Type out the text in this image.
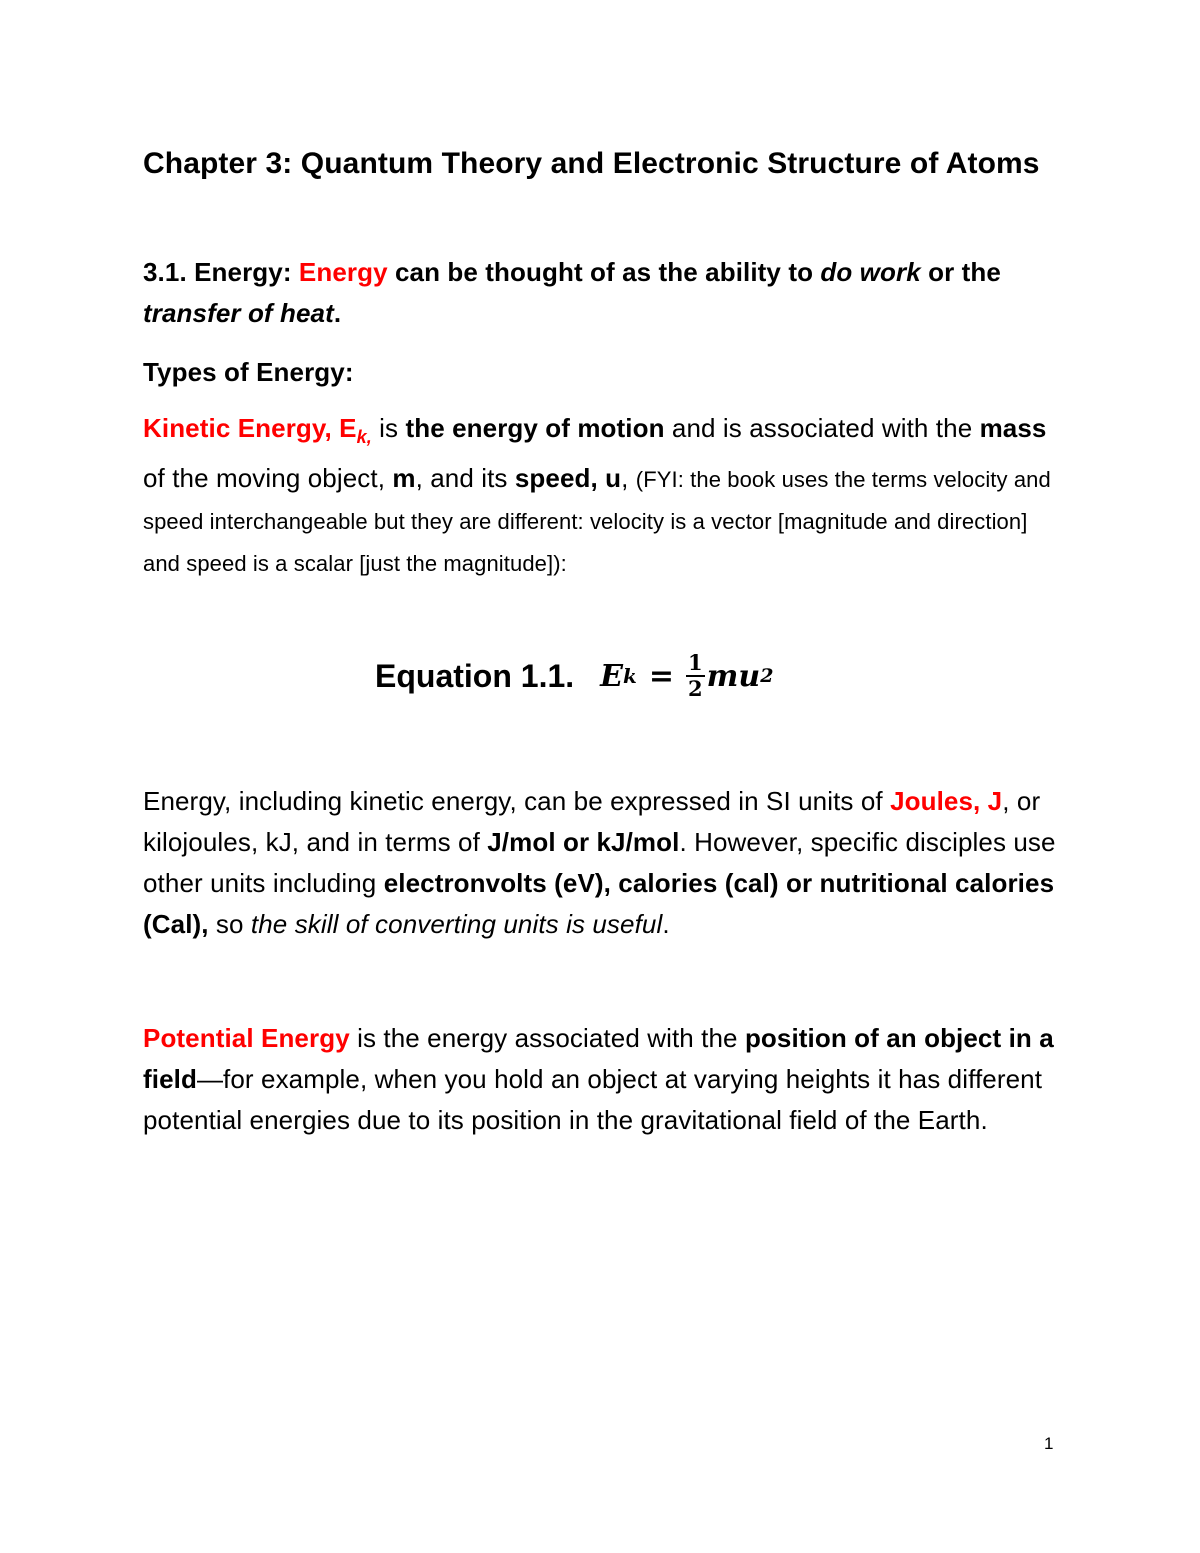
Chapter 3: Quantum Theory and Electronic Structure of Atoms
3.1. Energy: Energy can be thought of as the ability to do work or the
transfer of heat.
Types of Energy:
Kinetic Energy, $E_{k,}$ is the energy of motion and is associated with the mass of the moving object, m, and its speed, u, (FYI: the book uses the terms velocity and speed interchangeable but they are different: velocity is a vector [magnitude and direction] and speed is a scalar [just the magnitude]):
Equation 1.1. E $k = \frac{1}{2}$ mu 2
Energy, including kinetic energy, can be expressed in SI units of Joules, J, or kilojoules, kJ, and in terms of J/mol or kJ/mol. However, specific disciples use other units including electronvolts (eV), calories (cal) or nutritional calories (Cal), so the skill of converting units is useful.
Potential Energy is the energy associated with the position of an object in a field—for example, when you hold an object at varying heights it has different potential energies due to its position in the gravitational field of the Earth.
1
